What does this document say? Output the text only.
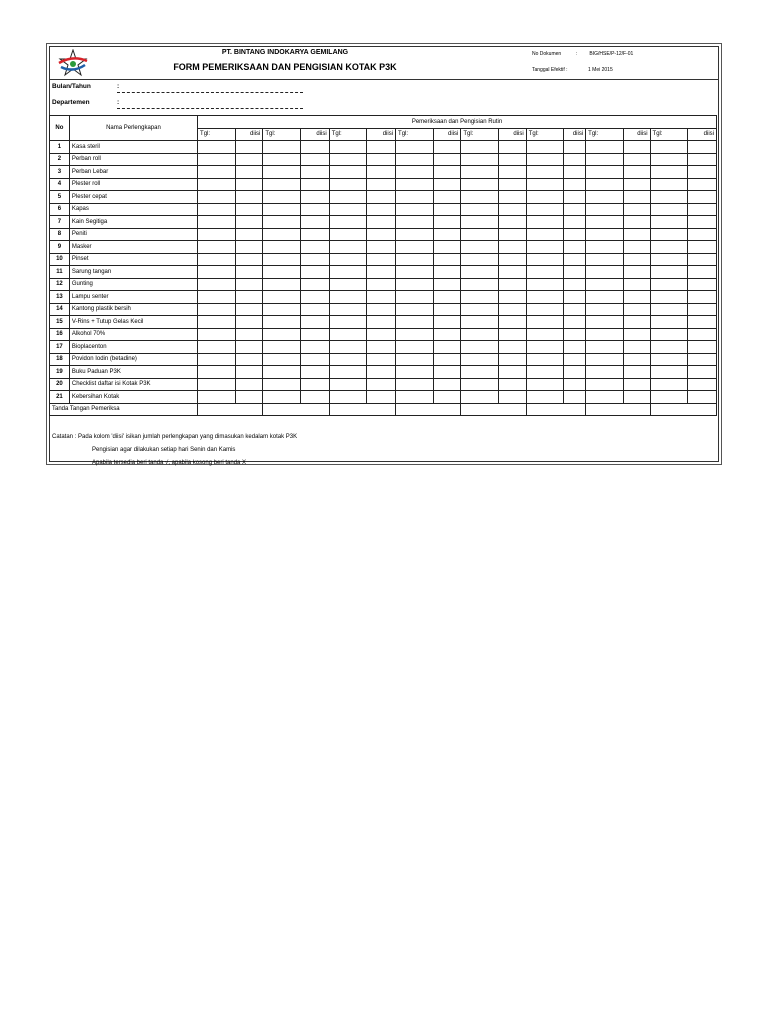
PT. BINTANG INDOKARYA GEMILANG
FORM PEMERIKSAAN DAN PENGISIAN KOTAK P3K
No Dokumen	: BIG/HSE/P-12/F-01
Tanggal Efektif :	1 Mei 2015
Bulan/Tahun	:
Departemen	:
No	Nama Perlengkapan	Pemeriksaan dan Pengisian Rutin															
		Tgl:	diisi	Tgl:	diisi	Tgl:	diisi	Tgl:	diisi	Tgl:	diisi	Tgl:	diisi	Tgl:	diisi	Tgl:	diisi
1	Kasa steril																
2	Perban roll																
3	Perban Lebar																
4	Plester roll																
5	Plester cepat																
6	Kapas																
7	Kain Segitiga																
8	Peniti																
9	Masker																
10	Pinset																
11	Sarung tangan																
12	Gunting																
13	Lampu senter																
14	Kantong plastik bersih																
15	V-Rins + Tutup Gelas Kecil																
16	Alkohol 70%																
17	Bioplacenton																
18	Povidon Iodin (betadine)																
19	Buku Paduan P3K																
20	Checklist daftar isi Kotak P3K																
21	Kebersihan Kotak																
Tanda Tangan Pemeriksa																	
Catatan : Pada kolom 'diisi' isikan jumlah perlengkapan yang dimasukan kedalam kotak P3K
Pengisian agar dilakukan setiap hari Senin dan Kamis
Apabila tersedia beri tanda √, apabila kosong beri tanda X
